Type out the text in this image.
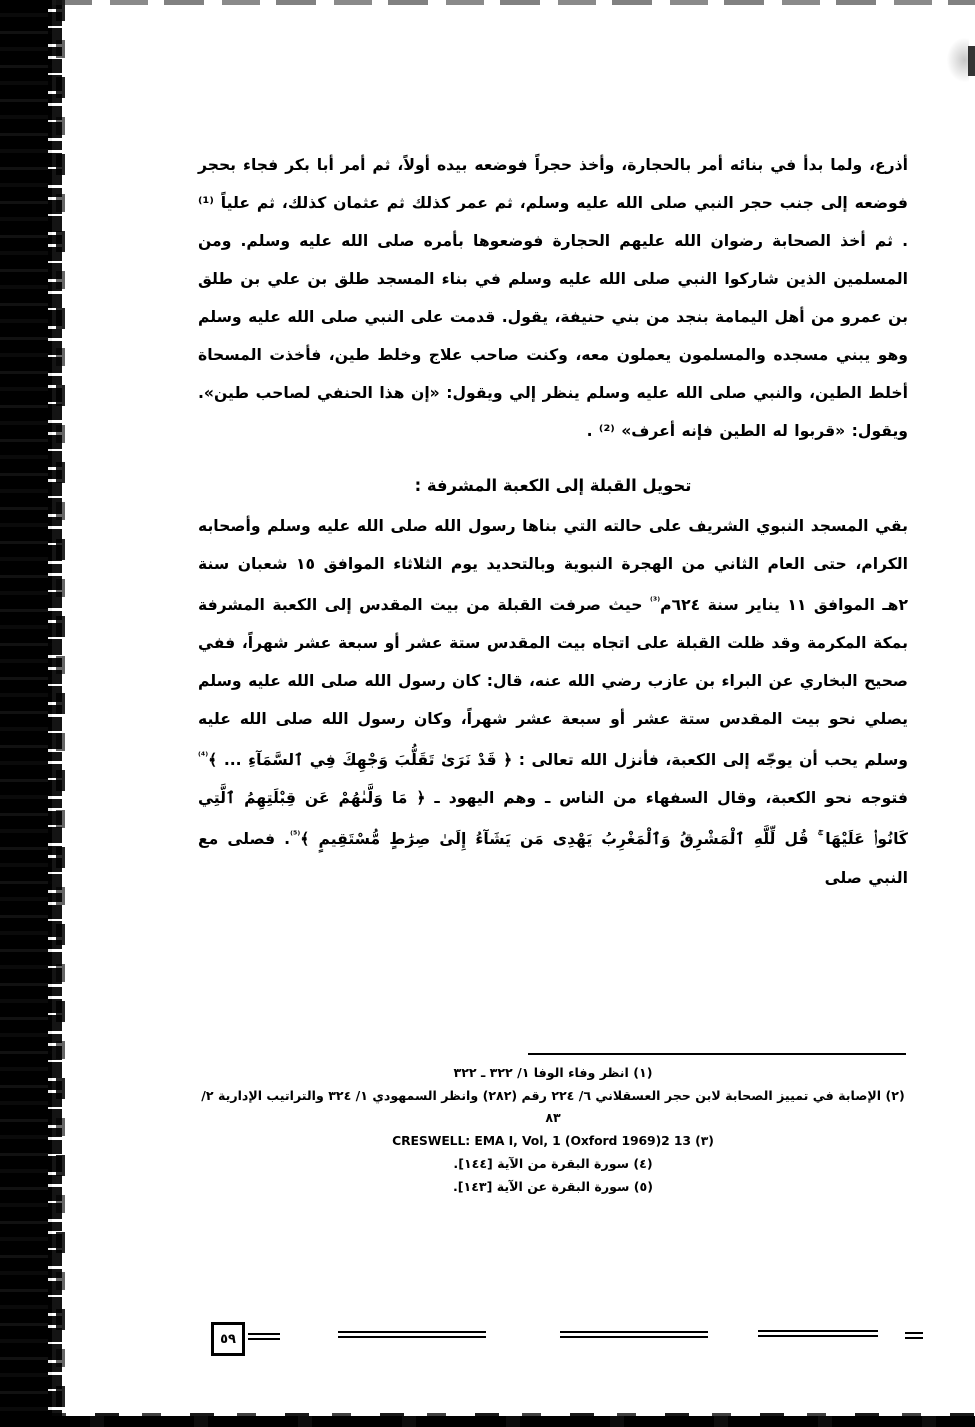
أذرع، ولما بدأ في بنائه أمر بالحجارة، وأخذ حجراً فوضعه بيده أولاً، ثم أمر أبا بكر فجاء بحجر فوضعه إلى جنب حجر النبي صلى الله عليه وسلم، ثم عمر كذلك ثم عثمان كذلك، ثم علياً ⁽¹⁾ . ثم أخذ الصحابة رضوان الله عليهم الحجارة فوضعوها بأمره صلى الله عليه وسلم. ومن المسلمين الذين شاركوا النبي صلى الله عليه وسلم في بناء المسجد طلق بن علي بن طلق بن عمرو من أهل اليمامة بنجد من بني حنيفة، يقول. قدمت على النبي صلى الله عليه وسلم وهو يبني مسجده والمسلمون يعملون معه، وكنت صاحب علاج وخلط طين، فأخذت المسحاة أخلط الطين، والنبي صلى الله عليه وسلم ينظر إلي ويقول: «إن هذا الحنفي لصاحب طين». ويقول: «قربوا له الطين فإنه أعرف» ⁽²⁾ .

تحويل القبلة إلى الكعبة المشرفة :

بقي المسجد النبوي الشريف على حالته التي بناها رسول الله صلى الله عليه وسلم وأصحابه الكرام، حتى العام الثاني من الهجرة النبوية وبالتحديد يوم الثلاثاء الموافق ١٥ شعبان سنة ٢هـ الموافق ١١ يناير سنة ٦٢٤م$^{^{(3)}}$ حيث صرفت القبلة من بيت المقدس إلى الكعبة المشرفة بمكة المكرمة وقد ظلت القبلة على اتجاه بيت المقدس ستة عشر أو سبعة عشر شهراً، ففي صحيح البخاري عن البراء بن عازب رضي الله عنه، قال: كان رسول الله صلى الله عليه وسلم يصلي نحو بيت المقدس ستة عشر أو سبعة عشر شهراً، وكان رسول الله صلى الله عليه وسلم يحب أن يوجّه إلى الكعبة، فأنزل الله تعالى : ﴿ قَدْ نَرَىٰ تَقَلُّبَ وَجْهِكَ فِي ٱلسَّمَآءِ ... ﴾$^{^{(4)}}$ فتوجه نحو الكعبة، وقال السفهاء من الناس ـ وهم اليهود ـ ﴿ مَا وَلَّىٰهُمْ عَن قِبْلَتِهِمُ ٱلَّتِي كَانُوا۟ عَلَيْهَا ۚ قُل لِّلَّهِ ٱلْمَشْرِقُ وَٱلْمَغْرِبُ يَهْدِى مَن يَشَآءُ إِلَىٰ صِرَٰطٍ مُّسْتَقِيمٍ ﴾$^{^{(5)}}$. فصلى مع النبي صلى

(١) انظر وفاء الوفا ١/ ٣٢٢ ـ ٣٢٢

(٢) الإصابة في تمييز الصحابة لابن حجر العسقلاني ٦/ ٢٢٤ رقم (٢٨٢) وانظر السمهودي ١/ ٣٢٤ والتراتيب الإدارية ٢/ ٨٣

CRESWELL: EMA I, Vol, 1 (Oxford 1969)2 13 (٣)

(٤) سورة البقرة من الآية [١٤٤].

(٥) سورة البقرة عن الآية [١٤٣].

٥٩
